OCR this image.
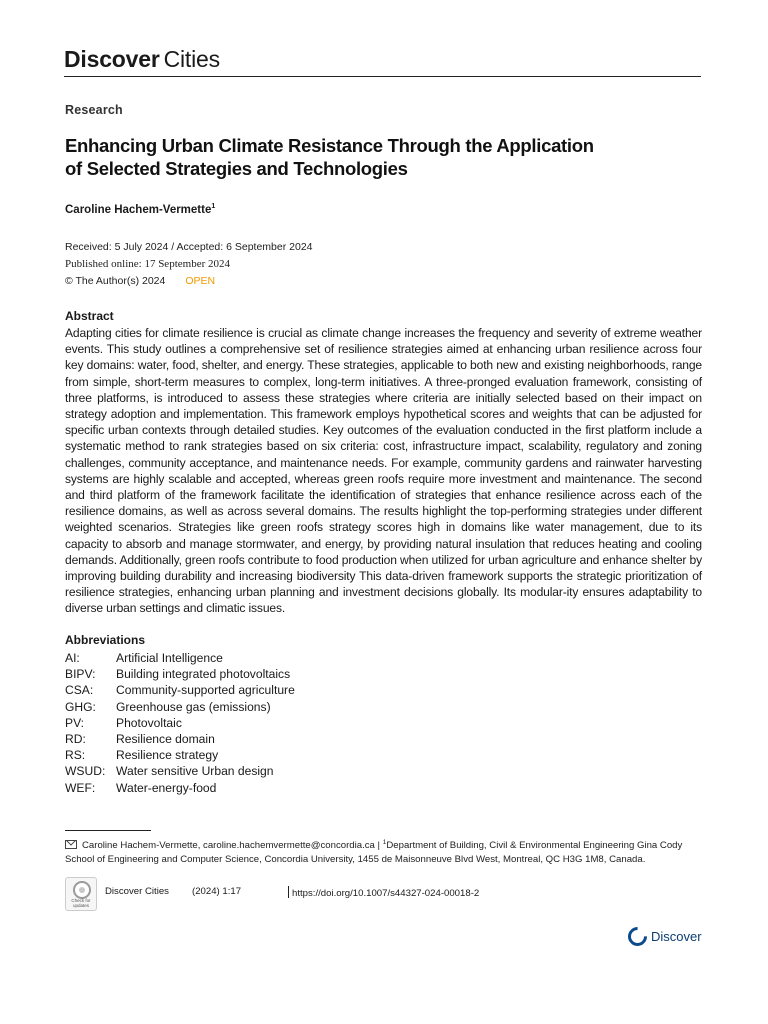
Discover Cities
Research
Enhancing Urban Climate Resistance Through the Application
of Selected Strategies and Technologies
Caroline Hachem-Vermette$^1$
Received: 5 July 2024 / Accepted: 6 September 2024
Published online: 17 September 2024
© The Author(s) 2024 OPEN
Abstract
Adapting cities for climate resilience is crucial as climate change increases the frequency and severity of extreme weather events. This study outlines a comprehensive set of resilience strategies aimed at enhancing urban resilience across four key domains: water, food, shelter, and energy. These strategies, applicable to both new and existing neighborhoods, range from simple, short-term measures to complex, long-term initiatives. A three-pronged evaluation framework, consisting of three platforms, is introduced to assess these strategies where criteria are initially selected based on their impact on strategy adoption and implementation. This framework employs hypothetical scores and weights that can be adjusted for specific urban contexts through detailed studies. Key outcomes of the evaluation conducted in the first platform include a systematic method to rank strategies based on six criteria: cost, infrastructure impact, scalability, regulatory and zoning challenges, community acceptance, and maintenance needs. For example, community gardens and rainwater harvesting systems are highly scalable and accepted, whereas green roofs require more investment and maintenance. The second and third platform of the framework facilitate the identification of strategies that enhance resilience across each of the resilience domains, as well as across several domains. The results highlight the top-performing strategies under different weighted scenarios. Strategies like green roofs strategy scores high in domains like water management, due to its capacity to absorb and manage stormwater, and energy, by providing natural insulation that reduces heating and cooling demands. Additionally, green roofs contribute to food production when utilized for urban agriculture and enhance shelter by improving building durability and increasing biodiversity This data-driven framework supports the strategic prioritization of resilience strategies, enhancing urban planning and investment decisions globally. Its modular-ity ensures adaptability to diverse urban settings and climatic issues.
Abbreviations
AI:	Artificial Intelligence
BIPV:	Building integrated photovoltaics
CSA:	Community-supported agriculture
GHG:	Greenhouse gas (emissions)
PV:	Photovoltaic
RD:	Resilience domain
RS:	Resilience strategy
WSUD: Water sensitive Urban design
WEF:	Water-energy-food
Caroline Hachem-Vermette, caroline.hachemvermette@concordia.ca | $^1$Department of Building, Civil & Environmental Engineering Gina Cody School of Engineering and Computer Science, Concordia University, 1455 de Maisonneuve Blvd West, Montreal, QC H3G 1M8, Canada.
Check for updates
Discover Cities (2024) 1:17	https://doi.org/10.1007/s44327-024-00018-2
Discover
